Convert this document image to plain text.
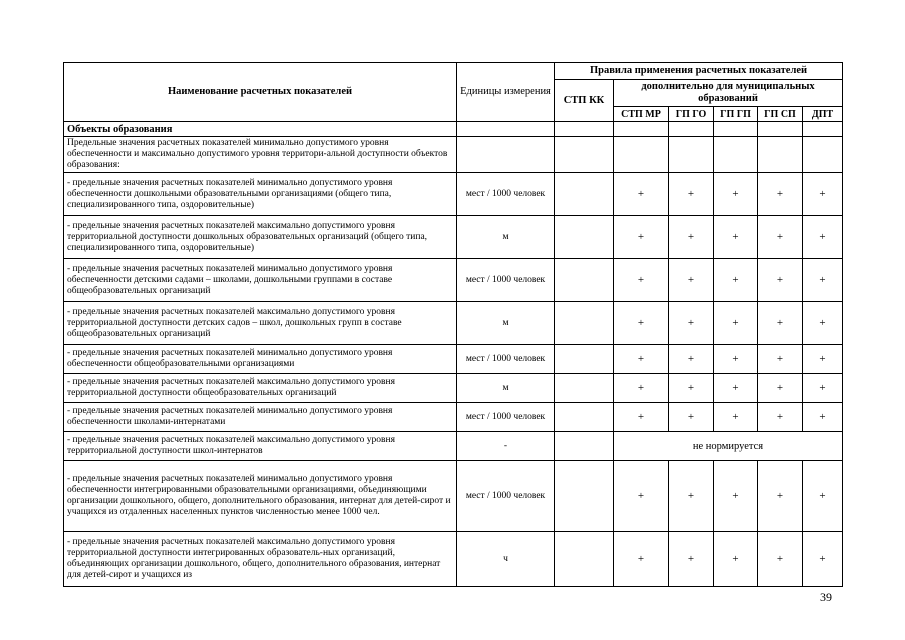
Наименование расчетных показателей	Единицы измерения	Правила применения расчетных показателей					
		СТП КК	дополнительно для муниципальных образований				
			СТП МР	ГП ГО	ГП ГП	ГП СП	ДПТ
Объекты образования							
Предельные значения расчетных показателей минимально допустимого уровня обеспеченности и максимально допустимого уровня территори-альной доступности объектов образования:							
- предельные значения расчетных показателей минимально допустимого уровня обеспеченности дошкольными образовательными организациями (общего типа, специализированного типа, оздоровительные)	мест / 1000 человек		+	+	+	+	+
- предельные значения расчетных показателей максимально допустимого уровня территориальной доступности дошкольных образовательных организаций (общего типа, специализированного типа, оздоровительные)	м		+	+	+	+	+
- предельные значения расчетных показателей минимально допустимого уровня обеспеченности детскими садами – школами, дошкольными группами в составе общеобразовательных организаций	мест / 1000 человек		+	+	+	+	+
- предельные значения расчетных показателей максимально допустимого уровня территориальной доступности детских садов – школ, дошкольных групп в составе общеобразовательных организаций	м		+	+	+	+	+
- предельные значения расчетных показателей минимально допустимого уровня обеспеченности общеобразовательными организациями	мест / 1000 человек		+	+	+	+	+
- предельные значения расчетных показателей максимально допустимого уровня территориальной доступности общеобразовательных организаций	м		+	+	+	+	+
- предельные значения расчетных показателей минимально допустимого уровня обеспеченности школами-интернатами	мест / 1000 человек		+	+	+	+	+
- предельные значения расчетных показателей максимально допустимого уровня территориальной доступности школ-интернатов	-		не нормируется				
- предельные значения расчетных показателей минимально допустимого уровня обеспеченности интегрированными образовательными организациями, объединяющими организации дошкольного, общего, дополнительного образования, интернат для детей-сирот и учащихся из отдаленных населенных пунктов численностью менее 1000 чел.	мест / 1000 человек		+	+	+	+	+
- предельные значения расчетных показателей максимально допустимого уровня территориальной доступности интегрированных образователь-ных организаций, объединяющих организации дошкольного, общего, дополнительного образования, интернат для детей-сирот и учащихся из	ч		+	+	+	+	+
39
